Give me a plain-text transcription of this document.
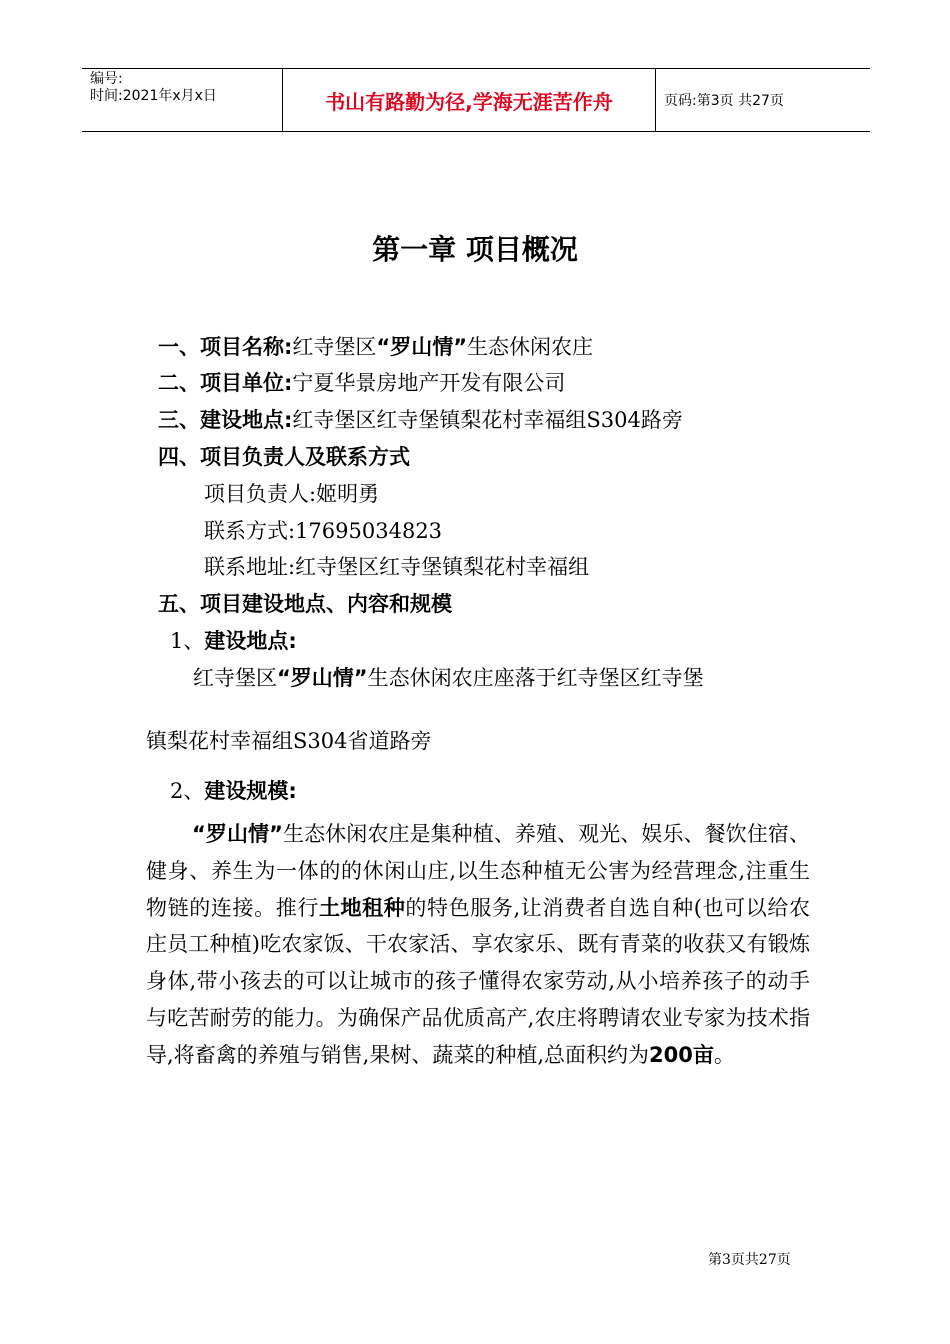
编号:
时间:2021年x月x日	书山有路勤为径,学海无涯苦作舟	页码:第3页 共27页
第一章 项目概况
一、项目名称:红寺堡区“罗山情”生态休闲农庄
二、项目单位:宁夏华景房地产开发有限公司
三、建设地点:红寺堡区红寺堡镇梨花村幸福组S304路旁
四、项目负责人及联系方式
项目负责人:姬明勇
联系方式:17695034823
联系地址:红寺堡区红寺堡镇梨花村幸福组
五、项目建设地点、内容和规模
1、建设地点:
红寺堡区“罗山情”生态休闲农庄座落于红寺堡区红寺堡
镇梨花村幸福组S304省道路旁
2、建设规模:
“罗山情”生态休闲农庄是集种植、养殖、观光、娱乐、餐饮住宿、健身、养生为一体的的休闲山庄,以生态种植无公害为经营理念,注重生物链的连接。推行土地租种的特色服务,让消费者自选自种(也可以给农庄员工种植)吃农家饭、干农家活、享农家乐、既有青菜的收获又有锻炼身体,带小孩去的可以让城市的孩子懂得农家劳动,从小培养孩子的动手与吃苦耐劳的能力。为确保产品优质高产,农庄将聘请农业专家为技术指导,将畜禽的养殖与销售,果树、蔬菜的种植,总面积约为200亩。
第3页共27页
